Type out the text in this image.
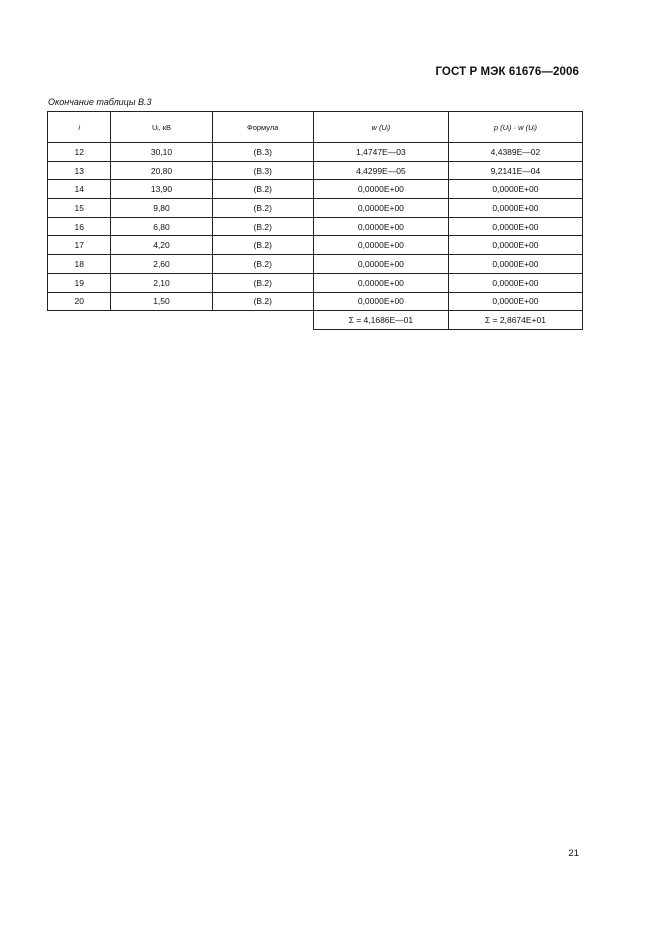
ГОСТ Р МЭК 61676—2006
Окончание таблицы В.3
i	Uᵢ, кВ	Формула	w (Uᵢ)	p (Uᵢ) · w (Uᵢ)
12	30,10	(В.3)	1,4747E—03	4,4389E—02
13	20,80	(В.3)	4,4299E—05	9,2141E—04
14	13,90	(В.2)	0,0000E+00	0,0000E+00
15	9,80	(В.2)	0,0000E+00	0,0000E+00
16	6,80	(В.2)	0,0000E+00	0,0000E+00
17	4,20	(В.2)	0,0000E+00	0,0000E+00
18	2,60	(В.2)	0,0000E+00	0,0000E+00
19	2,10	(В.2)	0,0000E+00	0,0000E+00
20	1,50	(В.2)	0,0000E+00	0,0000E+00
			Σ = 4,1686E—01	Σ = 2,8674E+01
21
